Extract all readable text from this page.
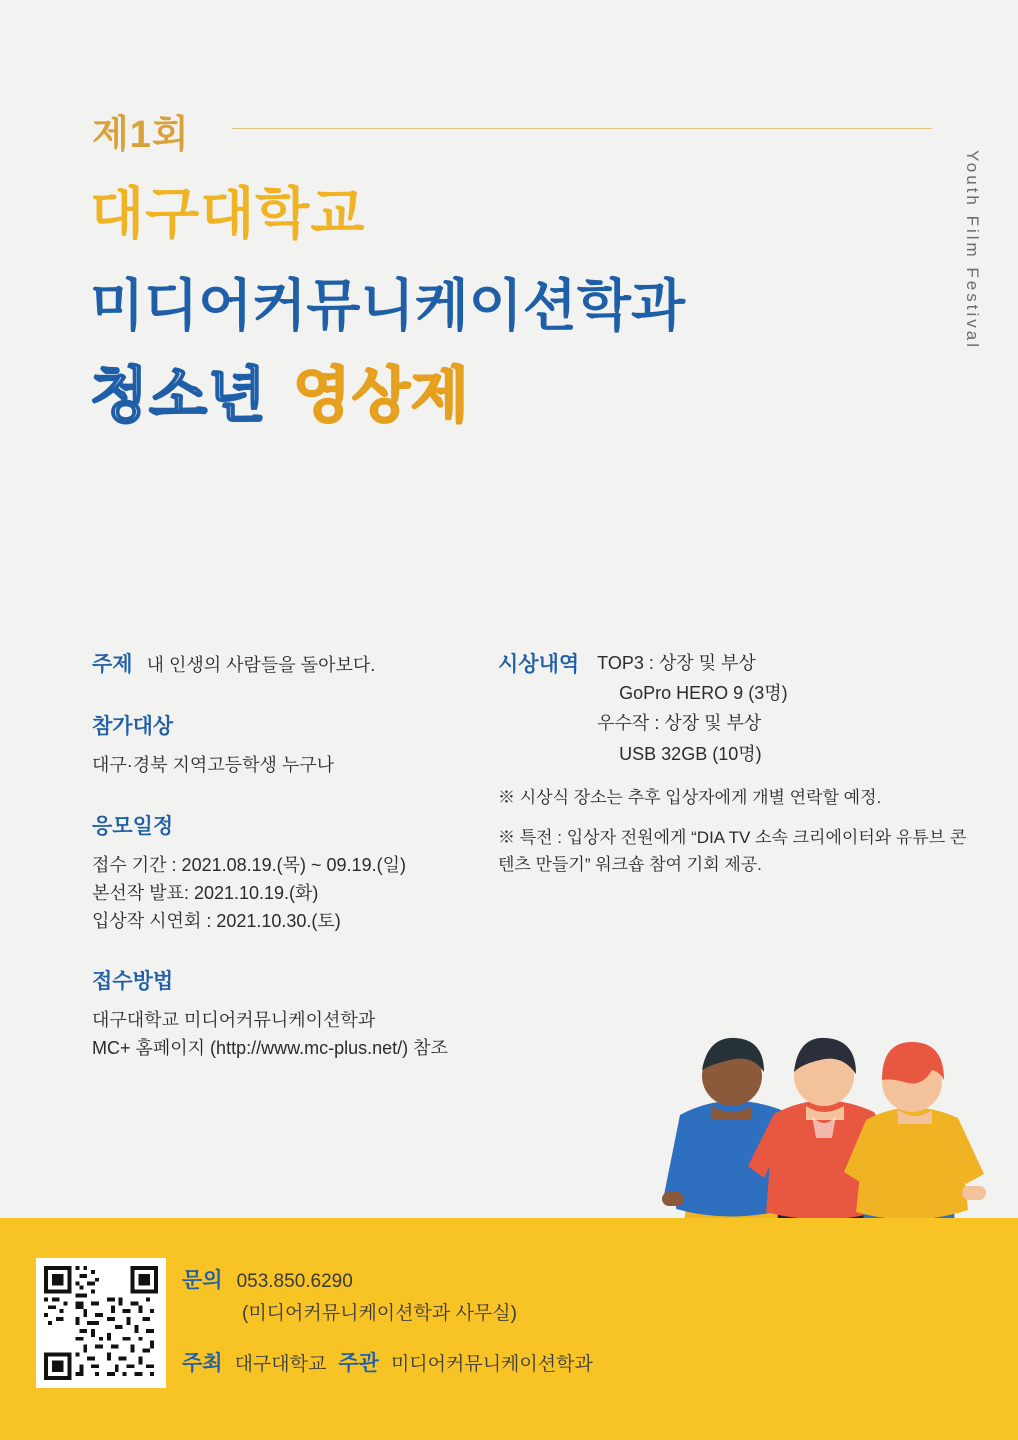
제1회
대구대학교
미디어커뮤니케이션학과
청소년 영상제
Youth Film Festival
주제 내 인생의 사람들을 돌아보다.
참가대상
대구·경북 지역고등학생 누구나
응모일정
접수 기간 : 2021.08.19.(목) ~ 09.19.(일)
본선작 발표: 2021.10.19.(화)
입상작 시연회 : 2021.10.30.(토)
접수방법
대구대학교 미디어커뮤니케이션학과
MC+ 홈페이지 (http://www.mc-plus.net/) 참조
시상내역 TOP3 : 상장 및 부상
GoPro HERO 9 (3명)
우수작 : 상장 및 부상
USB 32GB (10명)
※ 시상식 장소는 추후 입상자에게 개별 연락할 예정.
※ 특전 : 입상자 전원에게 “DIA TV 소속 크리에이터와 유튜브 콘텐츠 만들기” 워크숍 참여 기회 제공.
문의 053.850.6290
(미디어커뮤니케이션학과 사무실)
주최 대구대학교 주관 미디어커뮤니케이션학과
